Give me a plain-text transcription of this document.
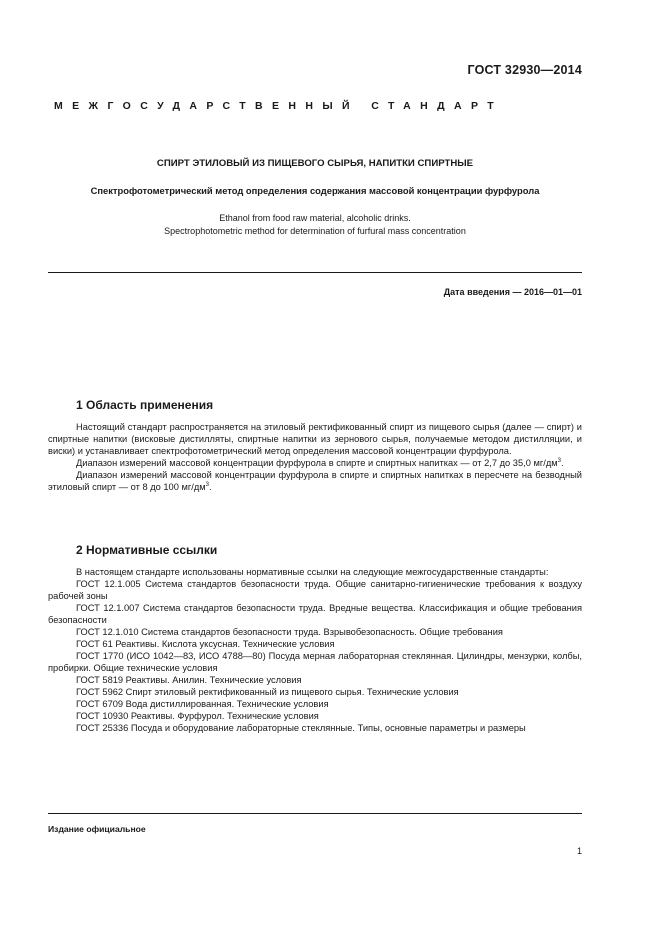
ГОСТ 32930—2014
МЕЖГОСУДАРСТВЕННЫЙ СТАНДАРТ
СПИРТ ЭТИЛОВЫЙ ИЗ ПИЩЕВОГО СЫРЬЯ, НАПИТКИ СПИРТНЫЕ
Спектрофотометрический метод определения содержания массовой концентрации фурфурола
Ethanol from food raw material, alcoholic drinks.
Spectrophotometric method for determination of furfural mass concentration
Дата введения — 2016—01—01
1 Область применения

Настоящий стандарт распространяется на этиловый ректификованный спирт из пищевого сырья (далее — спирт) и спиртные напитки (висковые дистилляты, спиртные напитки из зернового сырья, получаемые методом дистилляции, и виски) и устанавливает спектрофотометрический метод определения массовой концентрации фурфурола.

Диапазон измерений массовой концентрации фурфурола в спирте и спиртных напитках — от 2,7 до 35,0 $мг/дм^3$.

Диапазон измерений массовой концентрации фурфурола в спирте и спиртных напитках в пересчете на безводный этиловый спирт — от 8 до 100 $мг/дм^3$.

2 Нормативные ссылки

В настоящем стандарте использованы нормативные ссылки на следующие межгосударственные стандарты:

ГОСТ 12.1.005 Система стандартов безопасности труда. Общие санитарно-гигиенические требования к воздуху рабочей зоны

ГОСТ 12.1.007 Система стандартов безопасности труда. Вредные вещества. Классификация и общие требования безопасности

ГОСТ 12.1.010 Система стандартов безопасности труда. Взрывобезопасность. Общие требования

ГОСТ 61 Реактивы. Кислота уксусная. Технические условия

ГОСТ 1770 (ИСО 1042—83, ИСО 4788—80) Посуда мерная лабораторная стеклянная. Цилиндры, мензурки, колбы, пробирки. Общие технические условия

ГОСТ 5819 Реактивы. Анилин. Технические условия

ГОСТ 5962 Спирт этиловый ректификованный из пищевого сырья. Технические условия

ГОСТ 6709 Вода дистиллированная. Технические условия

ГОСТ 10930 Реактивы. Фурфурол. Технические условия

ГОСТ 25336 Посуда и оборудование лабораторные стеклянные. Типы, основные параметры и размеры

Издание официальное
1
